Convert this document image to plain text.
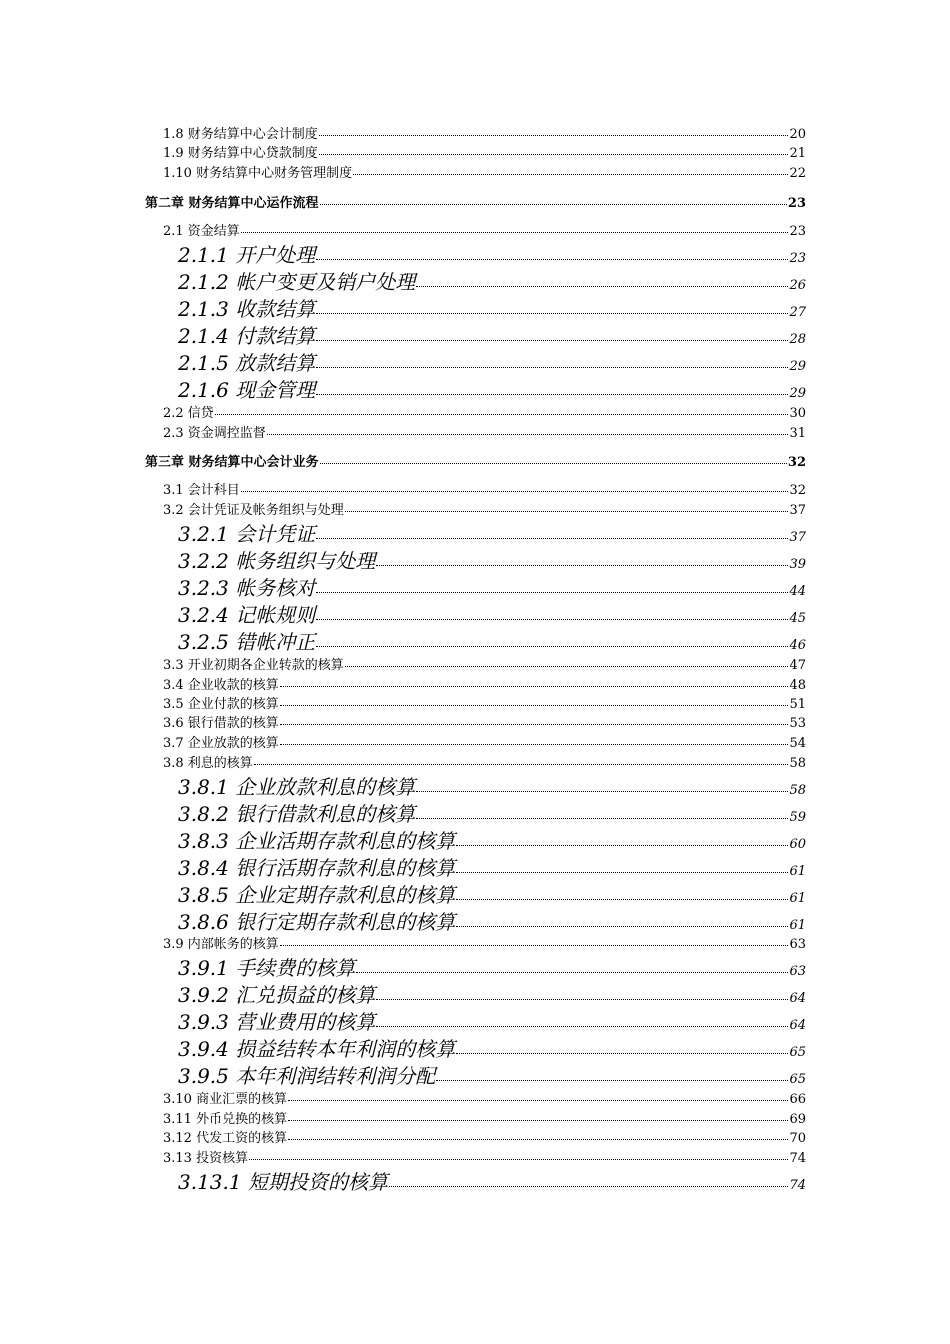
1.8 财务结算中心会计制度	20
1.9 财务结算中心贷款制度	21
1.10 财务结算中心财务管理制度	22
第二章 财务结算中心运作流程	23
2.1 资金结算	23
2.1.1 开户处理	23
2.1.2 帐户变更及销户处理	26
2.1.3 收款结算	27
2.1.4 付款结算	28
2.1.5 放款结算	29
2.1.6 现金管理	29
2.2 信贷	30
2.3 资金调控监督	31
第三章 财务结算中心会计业务	32
3.1 会计科目	32
3.2 会计凭证及帐务组织与处理	37
3.2.1 会计凭证	37
3.2.2 帐务组织与处理	39
3.2.3 帐务核对	44
3.2.4 记帐规则	45
3.2.5 错帐冲正	46
3.3 开业初期各企业转款的核算	47
3.4 企业收款的核算	48
3.5 企业付款的核算	51
3.6 银行借款的核算	53
3.7 企业放款的核算	54
3.8 利息的核算	58
3.8.1 企业放款利息的核算	58
3.8.2 银行借款利息的核算	59
3.8.3 企业活期存款利息的核算	60
3.8.4 银行活期存款利息的核算	61
3.8.5 企业定期存款利息的核算	61
3.8.6 银行定期存款利息的核算	61
3.9 内部帐务的核算	63
3.9.1 手续费的核算	63
3.9.2 汇兑损益的核算	64
3.9.3 营业费用的核算	64
3.9.4 损益结转本年利润的核算	65
3.9.5 本年利润结转利润分配	65
3.10 商业汇票的核算	66
3.11 外币兑换的核算	69
3.12 代发工资的核算	70
3.13 投资核算	74
3.13.1 短期投资的核算	74
